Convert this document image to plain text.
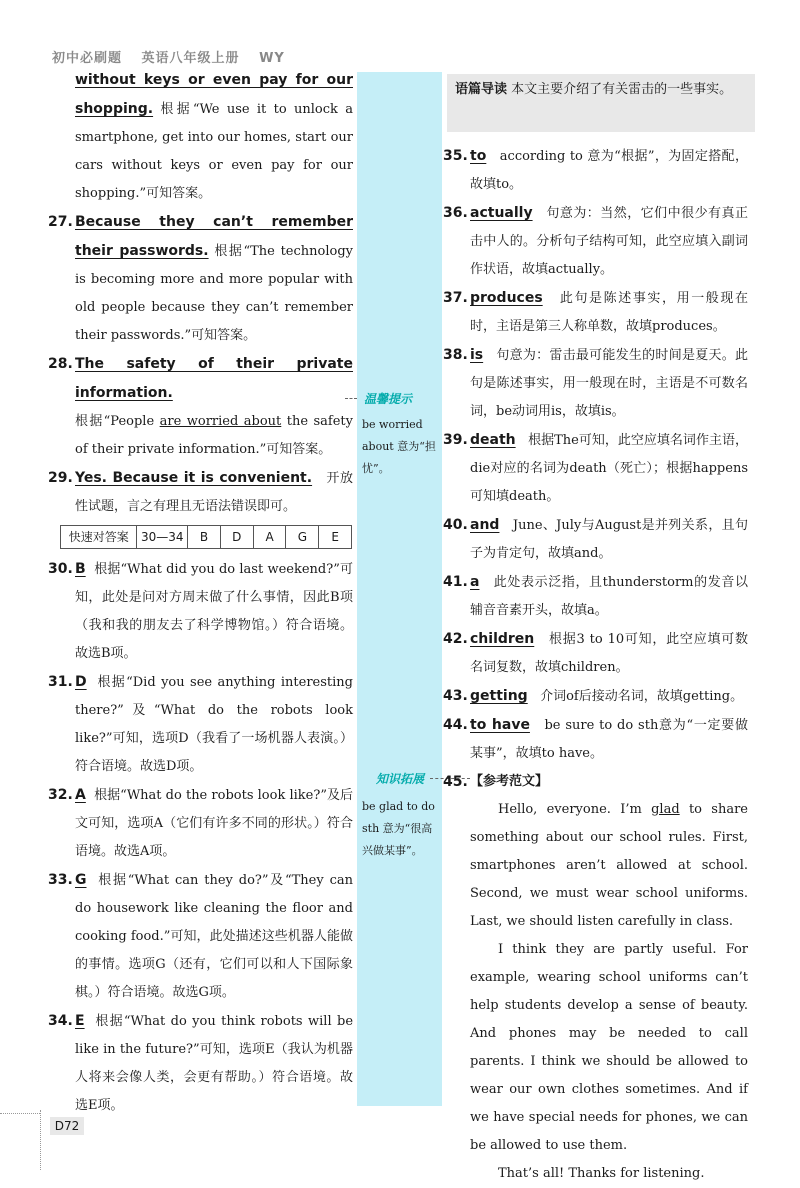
初中必刷题 英语八年级上册 WY

without keys or even pay for our shopping. 根据“We use it to unlock a smartphone, get into our homes, start our cars without keys or even pay for our shopping.”可知答案。

27. Because they can’t remember their passwords. 根据“The technology is becoming more and more popular with old people because they can’t remember their passwords.”可知答案。

28. The safety of their private information.

根据“People are worried about the safety of their private information.”可知答案。

29. Yes. Because it is convenient. 开放性试题，言之有理且无语法错误即可。

快速对答案	30—34	B	D	A	G	E
30. B 根据“What did you do last weekend?”可知，此处是问对方周末做了什么事情，因此B项（我和我的朋友去了科学博物馆。）符合语境。故选B项。

31. D 根据“Did you see anything interesting there?”及“What do the robots look like?”可知，选项D（我看了一场机器人表演。）符合语境。故选D项。

32. A 根据“What do the robots look like?”及后文可知，选项A（它们有许多不同的形状。）符合语境。故选A项。

33. G 根据“What can they do?”及“They can do housework like cleaning the floor and cooking food.”可知，此处描述这些机器人能做的事情。选项G（还有，它们可以和人下国际象棋。）符合语境。故选G项。

34. E 根据“What do you think robots will be like in the future?”可知，选项E（我认为机器人将来会像人类，会更有帮助。）符合语境。故选E项。

温馨提示
be worried about 意为“担忧”。
知识拓展
be glad to do sth 意为“很高兴做某事”。
语篇导读 本文主要介绍了有关雷击的一些事实。
35. to according to 意为“根据”，为固定搭配，故填to。

36. actually 句意为：当然，它们中很少有真正击中人的。分析句子结构可知，此空应填入副词作状语，故填actually。

37. produces 此句是陈述事实，用一般现在时，主语是第三人称单数，故填produces。

38. is 句意为：雷击最可能发生的时间是夏天。此句是陈述事实，用一般现在时，主语是不可数名词，be动词用is，故填is。

39. death 根据The可知，此空应填名词作主语，die对应的名词为death（死亡）；根据happens可知填death。

40. and June、July与August是并列关系，且句子为肯定句，故填and。

41. a 此处表示泛指，且thunderstorm的发音以辅音音素开头，故填a。

42. children 根据3 to 10可知，此空应填可数名词复数，故填children。

43. getting 介词of后接动名词，故填getting。

44. to have be sure to do sth意为“一定要做某事”，故填to have。

45. 【参考范文】

Hello, everyone. I’m glad to share something about our school rules. First, smartphones aren’t allowed at school. Second, we must wear school uniforms. Last, we should listen carefully in class.

I think they are partly useful. For example, wearing school uniforms can’t help students develop a sense of beauty. And phones may be needed to call parents. I think we should be allowed to wear our own clothes sometimes. And if we have special needs for phones, we can be allowed to use them.

That’s all! Thanks for listening.

D72
